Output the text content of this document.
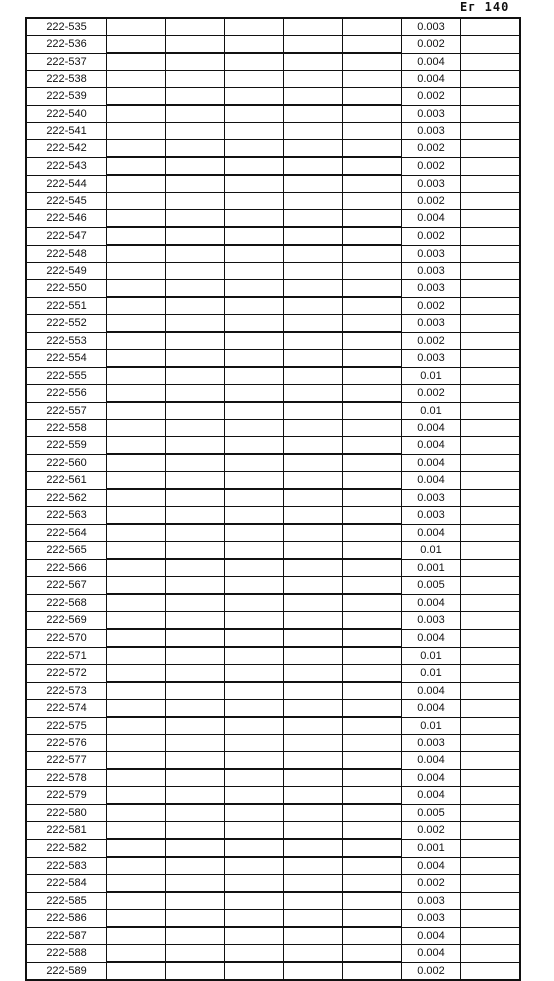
Ег 140
222-535						0.003	
222-536						0.002	
222-537						0.004	
222-538						0.004	
222-539						0.002	
222-540						0.003	
222-541						0.003	
222-542						0.002	
222-543						0.002	
222-544						0.003	
222-545						0.002	
222-546						0.004	
222-547						0.002	
222-548						0.003	
222-549						0.003	
222-550						0.003	
222-551						0.002	
222-552						0.003	
222-553						0.002	
222-554						0.003	
222-555						0.01	
222-556						0.002	
222-557						0.01	
222-558						0.004	
222-559						0.004	
222-560						0.004	
222-561						0.004	
222-562						0.003	
222-563						0.003	
222-564						0.004	
222-565						0.01	
222-566						0.001	
222-567						0.005	
222-568						0.004	
222-569						0.003	
222-570						0.004	
222-571						0.01	
222-572						0.01	
222-573						0.004	
222-574						0.004	
222-575						0.01	
222-576						0.003	
222-577						0.004	
222-578						0.004	
222-579						0.004	
222-580						0.005	
222-581						0.002	
222-582						0.001	
222-583						0.004	
222-584						0.002	
222-585						0.003	
222-586						0.003	
222-587						0.004	
222-588						0.004	
222-589						0.002	
